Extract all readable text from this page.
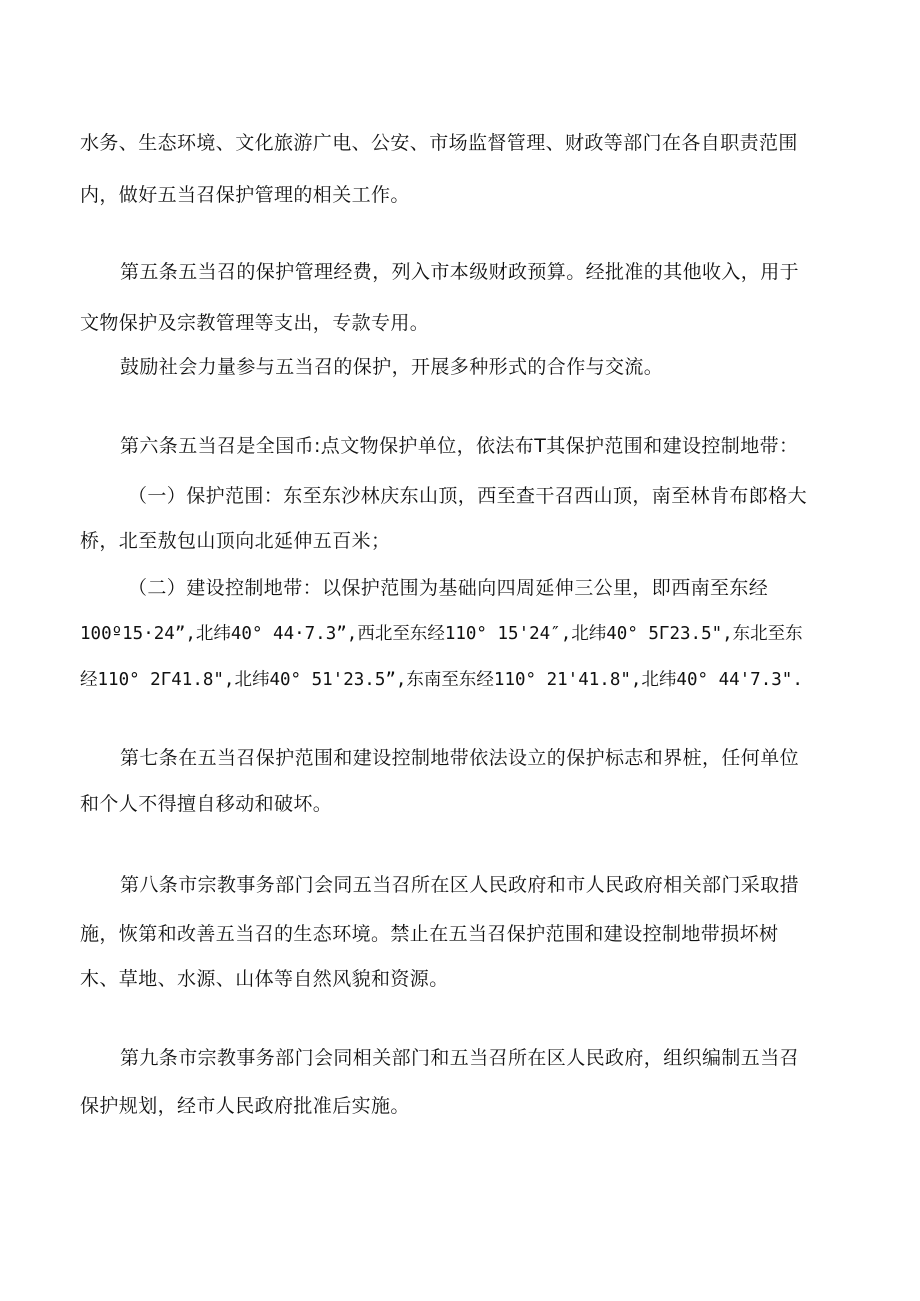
水务、生态环境、文化旅游广电、公安、市场监督管理、财政等部门在各自职责范围
内，做好五当召保护管理的相关工作。
第五条五当召的保护管理经费，列入市本级财政预算。经批准的其他收入，用于
文物保护及宗教管理等支出，专款专用。
鼓励社会力量参与五当召的保护，开展多种形式的合作与交流。
第六条五当召是全国币:点文物保护单位，依法布T其保护范围和建设控制地带：
（一）保护范围：东至东沙林庆东山顶，西至查干召西山顶，南至林肯布郎格大
桥，北至敖包山顶向北延伸五百米；
（二）建设控制地带：以保护范围为基础向四周延伸三公里，即西南至东经
100º15·24”,北纬40° 44·7.3”,西北至东经110° 15'24″,北纬40° 5Γ23.5",东北至东
经110° 2Γ41.8",北纬40° 51'23.5”,东南至东经110° 21'41.8",北纬40° 44'7.3".
第七条在五当召保护范围和建设控制地带依法设立的保护标志和界桩，任何单位
和个人不得擅自移动和破坏。
第八条市宗教事务部门会同五当召所在区人民政府和市人民政府相关部门采取措
施，恢第和改善五当召的生态环境。禁止在五当召保护范围和建设控制地带损坏树
木、草地、水源、山体等自然风貌和资源。
第九条市宗教事务部门会同相关部门和五当召所在区人民政府，组织编制五当召
保护规划，经市人民政府批准后实施。
